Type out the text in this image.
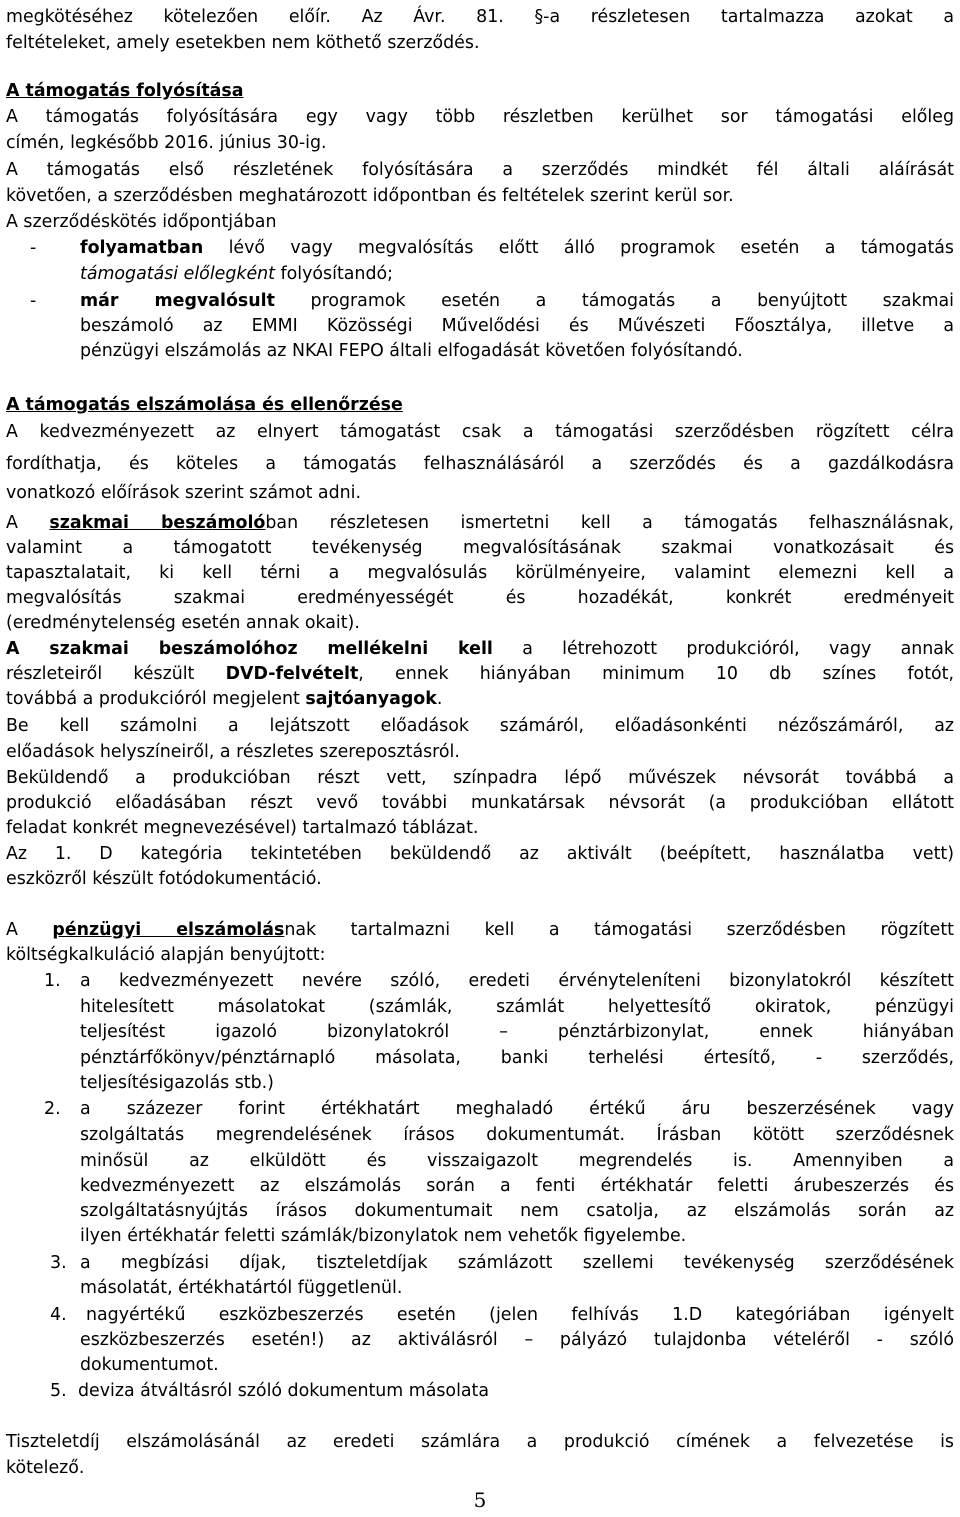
megkötéséhez kötelezően előír. Az Ávr. 81. §-a részletesen tartalmazza azokat a
feltételeket, amely esetekben nem köthető szerződés.
A támogatás folyósítása
A támogatás folyósítására egy vagy több részletben kerülhet sor támogatási előleg
címén, legkésőbb 2016. június 30-ig.
A támogatás első részletének folyósítására a szerződés mindkét fél általi aláírását
követően, a szerződésben meghatározott időpontban és feltételek szerint kerül sor.
A szerződéskötés időpontjában
-	folyamatban lévő vagy megvalósítás előtt álló programok esetén a támogatás
támogatási előlegként folyósítandó;
-	már megvalósult programok esetén a támogatás a benyújtott szakmai
beszámoló az EMMI Közösségi Művelődési és Művészeti Főosztálya, illetve a
pénzügyi elszámolás az NKAI FEPO általi elfogadását követően folyósítandó.
A támogatás elszámolása és ellenőrzése
A kedvezményezett az elnyert támogatást csak a támogatási szerződésben rögzített célra
fordíthatja, és köteles a támogatás felhasználásáról a szerződés és a gazdálkodásra
vonatkozó előírások szerint számot adni.
A szakmai beszámolóban részletesen ismertetni kell a támogatás felhasználásnak,
valamint a támogatott tevékenység megvalósításának szakmai vonatkozásait és
tapasztalatait, ki kell térni a megvalósulás körülményeire, valamint elemezni kell a
megvalósítás szakmai eredményességét és hozadékát, konkrét eredményeit
(eredménytelenség esetén annak okait).
A szakmai beszámolóhoz mellékelni kell a létrehozott produkcióról, vagy annak
részleteiről készült DVD-felvételt, ennek hiányában minimum 10 db színes fotót,
továbbá a produkcióról megjelent sajtóanyagok.
Be kell számolni a lejátszott előadások számáról, előadásonkénti nézőszámáról, az
előadások helyszíneiről, a részletes szereposztásról.
Beküldendő a produkcióban részt vett, színpadra lépő művészek névsorát továbbá a
produkció előadásában részt vevő további munkatársak névsorát (a produkcióban ellátott
feladat konkrét megnevezésével) tartalmazó táblázat.
Az 1. D kategória tekintetében beküldendő az aktivált (beépített, használatba vett)
eszközről készült fotódokumentáció.
A pénzügyi elszámolásnak tartalmazni kell a támogatási szerződésben rögzített
költségkalkuláció alapján benyújtott:
1.	a kedvezményezett nevére szóló, eredeti érvényteleníteni bizonylatokról készített
hitelesített másolatokat (számlák, számlát helyettesítő okiratok, pénzügyi
teljesítést igazoló bizonylatokról – pénztárbizonylat, ennek hiányában
pénztárfőkönyv/pénztárnapló másolata, banki terhelési értesítő, - szerződés,
teljesítésigazolás stb.)
2.	a százezer forint értékhatárt meghaladó értékű áru beszerzésének vagy
szolgáltatás megrendelésének írásos dokumentumát. Írásban kötött szerződésnek
minősül az elküldött és visszaigazolt megrendelés is. Amennyiben a
kedvezményezett az elszámolás során a fenti értékhatár feletti árubeszerzés és
szolgáltatásnyújtás írásos dokumentumait nem csatolja, az elszámolás során az
ilyen értékhatár feletti számlák/bizonylatok nem vehetők figyelembe.
3. a megbízási díjak, tiszteletdíjak számlázott szellemi tevékenység szerződésének
másolatát, értékhatártól függetlenül.
4.	nagyértékű eszközbeszerzés esetén (jelen felhívás 1.D kategóriában igényelt
eszközbeszerzés esetén!) az aktiválásról – pályázó tulajdonba vételéről - szóló
dokumentumot.
5. deviza átváltásról szóló dokumentum másolata
Tiszteletdíj elszámolásánál az eredeti számlára a produkció címének a felvezetése is
kötelező.
5
